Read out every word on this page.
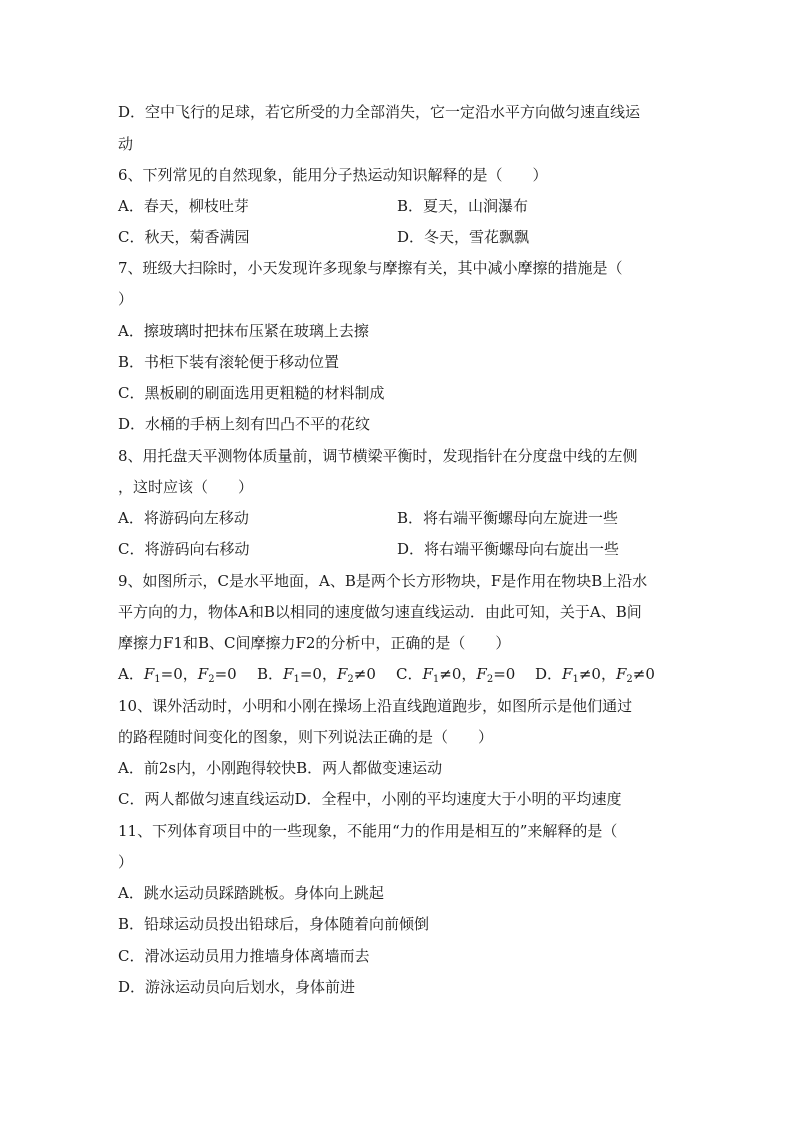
D．空中飞行的足球，若它所受的力全部消失，它一定沿水平方向做匀速直线运
动
6、下列常见的自然现象，能用分子热运动知识解释的是（　　）
A．春天，柳枝吐芽	B．夏天，山涧瀑布
C．秋天，菊香满园	D．冬天，雪花飘飘
7、班级大扫除时，小天发现许多现象与摩擦有关，其中减小摩擦的措施是（
）
A．擦玻璃时把抹布压紧在玻璃上去擦
B．书柜下装有滚轮便于移动位置
C．黑板刷的刷面选用更粗糙的材料制成
D．水桶的手柄上刻有凹凸不平的花纹
8、用托盘天平测物体质量前，调节横梁平衡时，发现指针在分度盘中线的左侧
，这时应该（　　）
A．将游码向左移动	B．将右端平衡螺母向左旋进一些
C．将游码向右移动	D．将右端平衡螺母向右旋出一些
9、如图所示，C是水平地面，A、B是两个长方形物块，F是作用在物块B上沿水
平方向的力，物体A和B以相同的速度做匀速直线运动．由此可知，关于A、B间
摩擦力F1和B、C间摩擦力F2的分析中，正确的是（　　）
A．$F_1=0$，$F_2=0$ B．$F_1=0$，$F_2\ne 0$ C．$F_1\ne 0$，$F_2=0$ D．$F_1\ne 0$，$F_2\ne 0$
10、课外活动时，小明和小刚在操场上沿直线跑道跑步，如图所示是他们通过
的路程随时间变化的图象，则下列说法正确的是（　　）
A．前2s内，小刚跑得较快B．两人都做变速运动
C．两人都做匀速直线运动D．全程中，小刚的平均速度大于小明的平均速度
11、下列体育项目中的一些现象，不能用“力的作用是相互的”来解释的是（
）
A．跳水运动员踩踏跳板。身体向上跳起
B．铅球运动员投出铅球后，身体随着向前倾倒
C．滑冰运动员用力推墙身体离墙而去
D．游泳运动员向后划水，身体前进
